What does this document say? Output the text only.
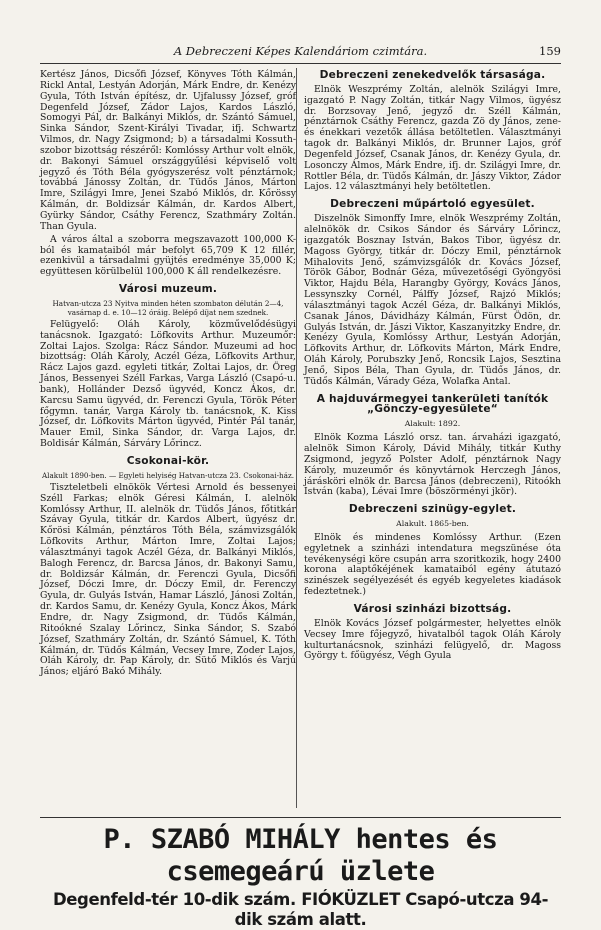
A Debreczeni Képes Kalendáriom czimtára.	159

Kertész János, Dicsőfi József, Könyves Tóth Kálmán, Rickl Antal, Lestyán Adorján, Márk Endre, dr. Kenézy Gyula, Tóth István építész, dr. Ujfalussy József, gróf Degenfeld József, Zádor Lajos, Kardos László, Somogyi Pál, dr. Balkányi Miklós, dr. Szántó Sámuel, Sinka Sándor, Szent-Királyi Tivadar, ifj. Schwartz Vilmos, dr. Nagy Zsigmond; b) a társadalmi Kossuth-szobor bizottság részéről: Komlóssy Arthur volt elnök, dr. Bakonyi Sámuel országgyűlési képviselő volt jegyző és Tóth Béla gyógyszerész volt pénztárnok; továbbá Jánossy Zoltán, dr. Tüdős János, Márton Imre, Szilágyi Imre, Jenei Szabó Miklós, dr. Kőrössy Kálmán, dr. Boldizsár Kálmán, dr. Kardos Albert, Gyürky Sándor, Csáthy Ferencz, Szathmáry Zoltán. Than Gyula.

A város által a szoborra megszavazott 100,000 K-ból és kamataiból már befolyt 65,709 K 12 fillér, ezenkivül a társadalmi gyüjtés eredménye 35,000 K; együttesen körülbelül 100,000 K áll rendelkezésre.

Városi muzeum.

Hatvan-utcza 23 Nyitva minden héten szombaton délután 2—4, vasárnap d. e. 10—12 óráig. Belépő díjat nem szednek.

Felügyelő: Oláh Károly, közművelődésügyi tanácsnok. Igazgató: Löfkovits Arthur. Muzeumőr: Zoltai Lajos. Szolga: Rácz Sándor. Muzeumi ad hoc bizottság: Oláh Károly, Aczél Géza, Löfkovits Arthur, Rácz Lajos gazd. egyleti titkár, Zoltai Lajos, dr. Öreg János, Bessenyei Széll Farkas, Varga László (Csapó-u. bank), Hollánder Dezső ügyvéd, Koncz Ákos, dr. Karcsu Samu ügyvéd, dr. Ferenczi Gyula, Török Péter főgymn. tanár, Varga Károly tb. tanácsnok, K. Kiss József, dr. Löfkovits Márton ügyvéd, Pintér Pál tanár, Mauer Emil, Sinka Sándor, dr. Varga Lajos, dr. Boldisár Kálmán, Sárváry Lőrincz.

Csokonai-kör.

Alakult 1890-ben. — Egyleti helyiség Hatvan-utcza 23. Csokonai-ház.

Tiszteletbeli elnökök Vértesi Arnold és bessenyei Széll Farkas; elnök Géresi Kálmán, I. alelnök Komlóssy Arthur, II. alelnök dr. Tüdős János, főtitkár Szávay Gyula, titkár dr. Kardos Albert, ügyész dr. Kőrösi Kálmán, pénztáros Tóth Béla, számvizsgálók Löfkovits Arthur, Márton Imre, Zoltai Lajos; választmányi tagok Aczél Géza, dr. Balkányi Miklós, Balogh Ferencz, dr. Barcsa János, dr. Bakonyi Samu, dr. Boldizsár Kálmán, dr. Ferenczi Gyula, Dicsőfi József, Dóczi Imre, dr. Dóczy Emil, dr. Ferenczy Gyula, dr. Gulyás István, Hamar László, Jánosi Zoltán, dr. Kardos Samu, dr. Kenézy Gyula, Koncz Ákos, Márk Endre, dr. Nagy Zsigmond, dr. Tüdős Kálmán, Ritoókné Szalay Lőrincz, Sinka Sándor, S. Szabó József, Szathmáry Zoltán, dr. Szántó Sámuel, K. Tóth Kálmán, dr. Tüdős Kálmán, Vecsey Imre, Zoder Lajos, Oláh Károly, dr. Pap Károly, dr. Sütő Miklós és Varjú János; eljáró Bakó Mihály.

Debreczeni zenekedvelők társasága.

Elnök Weszprémy Zoltán, alelnök Szilágyi Imre, igazgató P. Nagy Zoltán, titkár Nagy Vilmos, ügyész dr. Borzsovay Jenő, jegyző dr. Széll Kálmán, pénztárnok Csáthy Ferencz, gazda Zö dy János, zene- és énekkari vezetők állása betöltetlen. Választmányi tagok dr. Balkányi Miklós, dr. Brunner Lajos, gróf Degenfeld József, Csanak János, dr. Kenézy Gyula, dr. Losonczy Álmos, Márk Endre, ifj. dr. Szilágyi Imre, dr. Rottler Béla, dr. Tüdős Kálmán, dr. Jászy Viktor, Zádor Lajos. 12 választmányi hely betöltetlen.

Debreczeni műpártoló egyesület.

Diszelnök Simonffy Imre, elnök Weszprémy Zoltán, alelnökök dr. Csikos Sándor és Sárváry Lőrincz, igazgatók Bosznay István, Bakos Tibor, ügyész dr. Magoss György, titkár dr. Dóczy Emil, pénztárnok Mihalovits Jenő, számvizsgálók dr. Kovács József, Török Gábor, Bodnár Géza, művezetőségi Gyöngyösi Viktor, Hajdu Béla, Harangby György, Kovács János, Lessynszky Cornél, Pálffy József, Rajzó Miklós; választmányi tagok Aczél Géza, dr. Balkányi Miklós, Csanak János, Dávidházy Kálmán, Fürst Ödön, dr. Gulyás István, dr. Jászi Viktor, Kaszanyitzky Endre, dr. Kenézy Gyula, Komlóssy Arthur, Lestyán Adorján, Löfkovits Arthur, dr. Löfkovits Márton, Márk Endre, Oláh Károly, Porubszky Jenő, Roncsik Lajos, Sesztina Jenő, Sipos Béla, Than Gyula, dr. Tüdős János, dr. Tüdős Kálmán, Várady Géza, Wolafka Antal.

A hajduvármegyei tankerületi tanítók „Gönczy-egyesülete“

Alakult: 1892.

Elnök Kozma László orsz. tan. árvaházi igazgató, alelnök Simon Károly, Dávid Mihály, titkár Kuthy Zsigmond, jegyző Polster Adolf, pénztárnok Nagy Károly, muzeumőr és könyvtárnok Herczegh János, járásköri elnök dr. Barcsa János (debreczeni), Ritoókh István (kaba), Lévai Imre (böszörményi jkör).

Debreczeni szinügy-egylet.

Alakult. 1865-ben.

Elnök és mindenes Komlóssy Arthur. (Ezen egyletnek a szinházi intendatura megszünése óta tevékenységi köre csupán arra szoritkozik, hogy 2400 korona alaptőkéjének kamataiból egény átutazó szinészek segélyezését és egyéb kegyeletes kiadások fedeztetnek.)

Városi szinházi bizottság.

Elnök Kovács József polgármester, helyettes elnök Vecsey Imre főjegyző, hivatalból tagok Oláh Károly kulturtanácsnok, szinházi felügyelő, dr. Magoss György t. főügyész, Végh Gyula

P. SZABÓ MIHÁLY hentes és csemegeárú üzlete
Degenfeld-tér 10-dik szám. FIÓKÜZLET Csapó-utcza 94-dik szám alatt.
